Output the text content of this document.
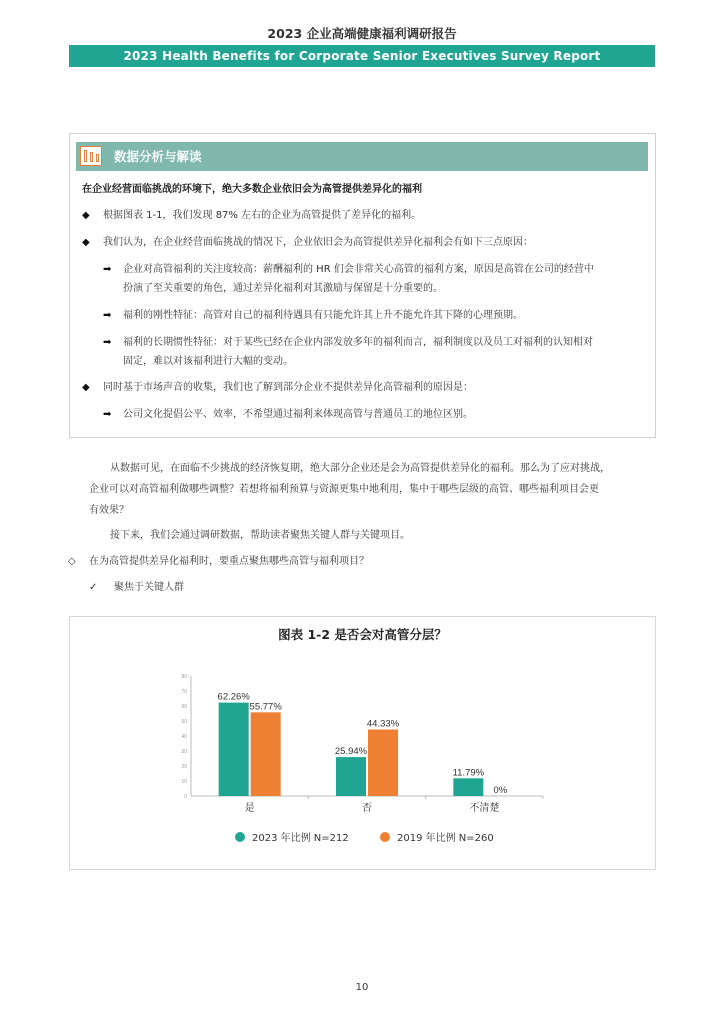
2023 企业高端健康福利调研报告
2023 Health Benefits for Corporate Senior Executives Survey Report
数据分析与解读
在企业经营面临挑战的环境下，绝大多数企业依旧会为高管提供差异化的福利
◆ 根据图表 1-1，我们发现 87% 左右的企业为高管提供了差异化的福利。
◆ 我们认为，在企业经营面临挑战的情况下，企业依旧会为高管提供差异化福利会有如下三点原因：
➡ 企业对高管福利的关注度较高：薪酬福利的 HR 们会非常关心高管的福利方案，原因是高管在公司的经营中
扮演了至关重要的角色，通过差异化福利对其激励与保留是十分重要的。
➡ 福利的刚性特征：高管对自己的福利待遇具有只能允许其上升不能允许其下降的心理预期。
➡ 福利的长期惯性特征：对于某些已经在企业内部发放多年的福利而言，福利制度以及员工对福利的认知相对
固定，难以对该福利进行大幅的变动。
◆ 同时基于市场声音的收集，我们也了解到部分企业不提供差异化高管福利的原因是：
➡ 公司文化提倡公平、效率，不希望通过福利来体现高管与普通员工的地位区别。
从数据可见，在面临不少挑战的经济恢复期，绝大部分企业还是会为高管提供差异化的福利。那么为了应对挑战，
企业可以对高管福利做哪些调整？若想将福利预算与资源更集中地利用，集中于哪些层级的高管、哪些福利项目会更
有效果？
接下来，我们会通过调研数据，帮助读者聚焦关键人群与关键项目。
◇ 在为高管提供差异化福利时，要重点聚焦哪些高管与福利项目？
✓ 聚焦于关键人群
图表 1-2 是否会对高管分层？
0
10
20
30
40
50
60
70
80
62.26%
55.77%
是
25.94%
44.33%
否
11.79%
0%
不清楚
2023 年比例 N=212	2019 年比例 N=260
10
